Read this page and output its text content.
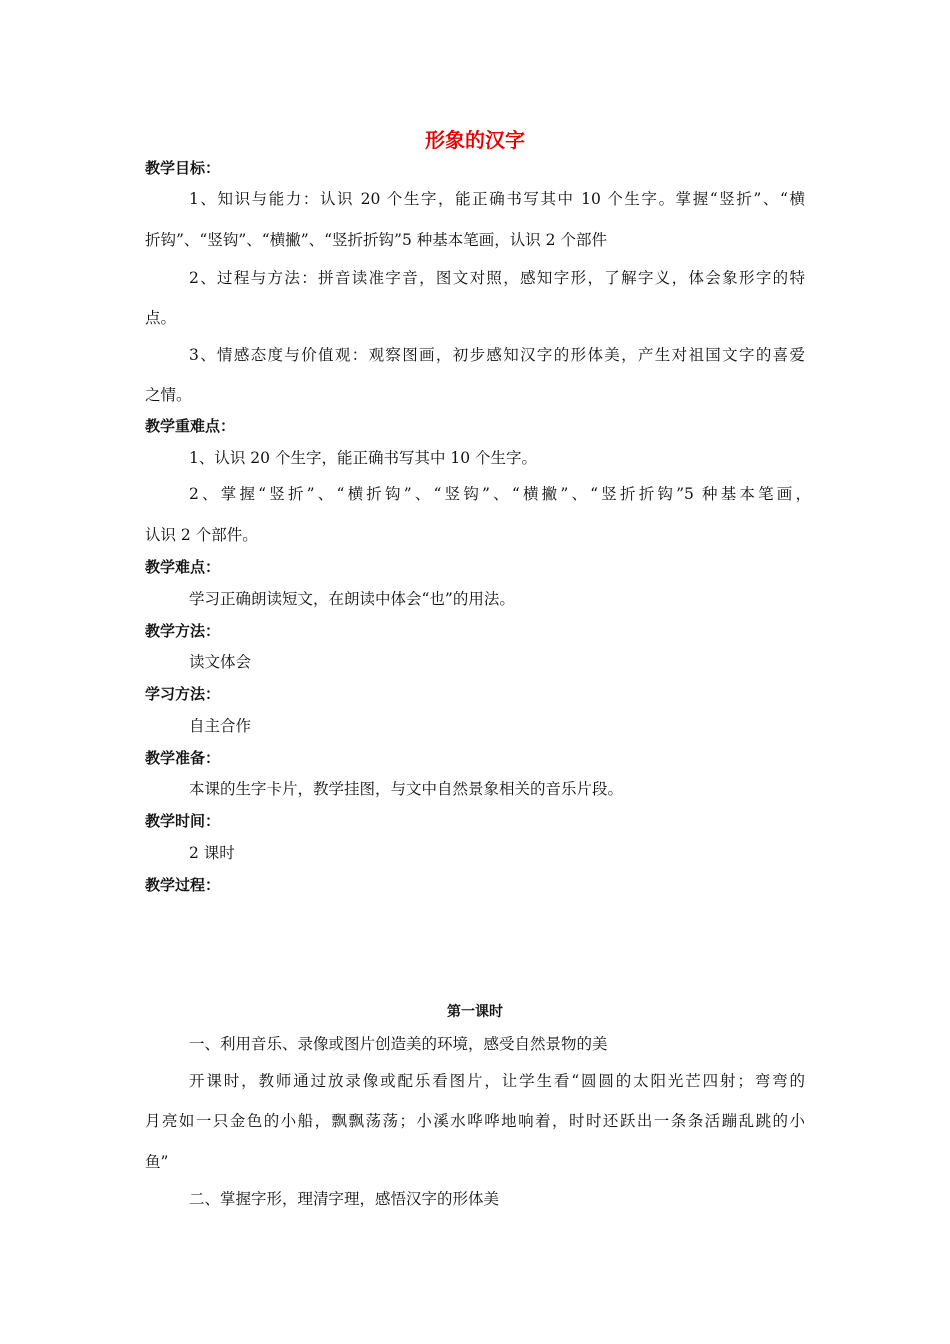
形象的汉字

教学目标：

1、知识与能力：认识 20 个生字，能正确书写其中 10 个生字。掌握“竖折”、“横

折钩”、“竖钩”、“横撇”、“竖折折钩”5 种基本笔画，认识 2 个部件

2、过程与方法：拼音读准字音，图文对照，感知字形，了解字义，体会象形字的特

点。

3、情感态度与价值观：观察图画，初步感知汉字的形体美，产生对祖国文字的喜爱

之情。

教学重难点：

1、认识 20 个生字，能正确书写其中 10 个生字。

2、掌握“竖折”、“横折钩”、“竖钩”、“横撇”、“竖折折钩”5 种基本笔画，

认识 2 个部件。

教学难点：

学习正确朗读短文，在朗读中体会“也”的用法。

教学方法：

读文体会

学习方法：

自主合作

教学准备：

本课的生字卡片，教学挂图，与文中自然景象相关的音乐片段。

教学时间：

2 课时

教学过程：

第一课时

一、利用音乐、录像或图片创造美的环境，感受自然景物的美

开课时，教师通过放录像或配乐看图片，让学生看“圆圆的太阳光芒四射；弯弯的

月亮如一只金色的小船，飘飘荡荡；小溪水哗哗地响着，时时还跃出一条条活蹦乱跳的小

鱼”

二、掌握字形，理清字理，感悟汉字的形体美
